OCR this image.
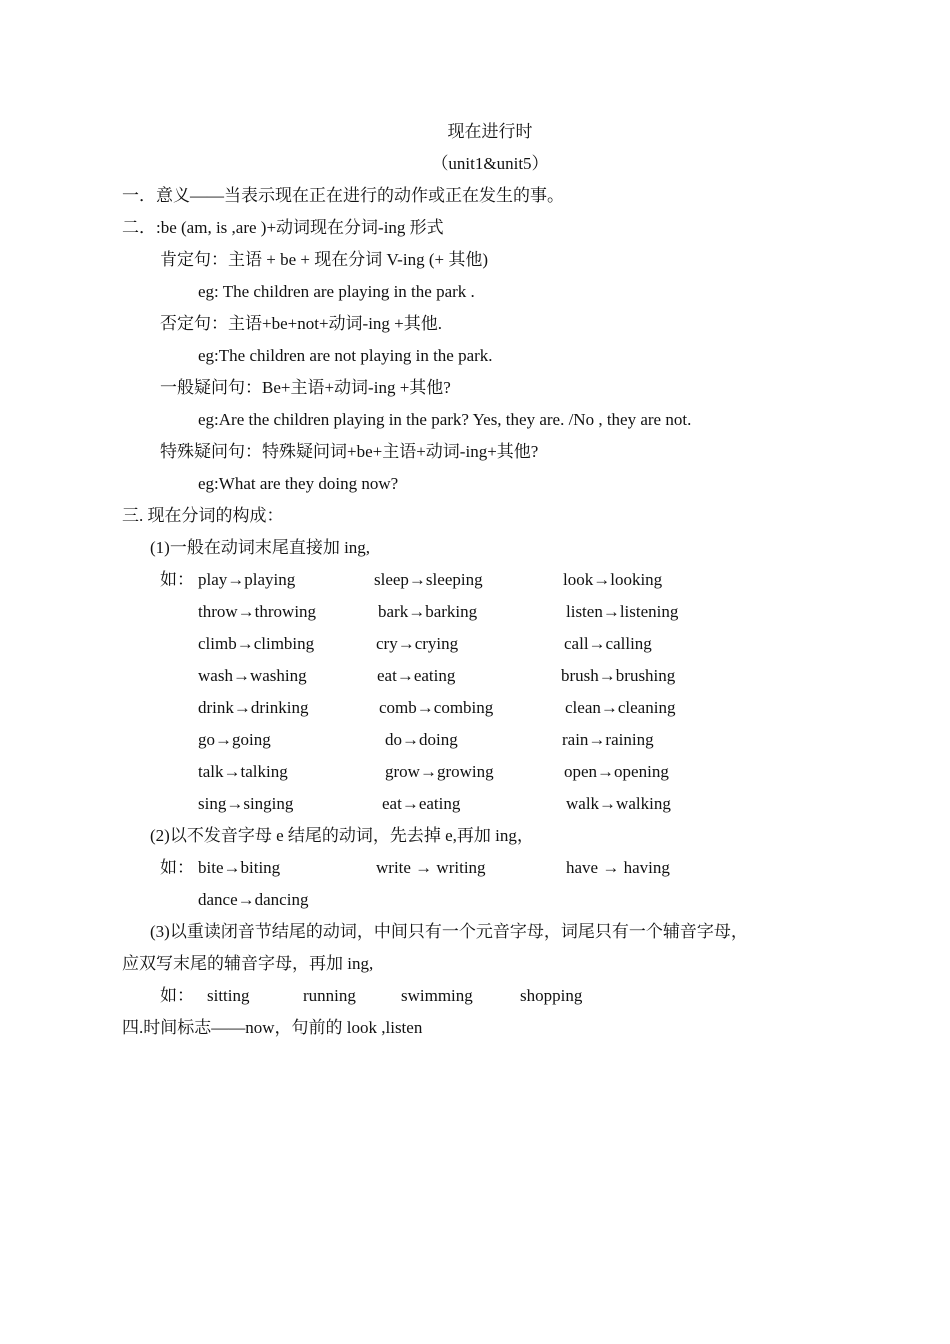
现在进行时
（unit1&unit5）
一．意义——当表示现在正在进行的动作或正在发生的事。
二．:be (am, is ,are )+动词现在分词-ing 形式
肯定句：主语 + be + 现在分词 V-ing (+ 其他)
eg: The children are playing in the park .
否定句：主语+be+not+动词-ing +其他.
eg:The children are not playing in the park.
一般疑问句：Be+主语+动词-ing +其他?
eg:Are the children playing in the park? Yes, they are. /No , they are not.
特殊疑问句：特殊疑问词+be+主语+动词-ing+其他?
eg:What are they doing now?
三. 现在分词的构成：
(1)一般在动词末尾直接加 ing,
如： play→playing	sleep→sleeping	look→looking
throw→throwing	bark→barking	listen→listening
climb→climbing	cry→crying	call→calling
wash→washing	eat→eating	brush→brushing
drink→drinking	comb→combing	clean→cleaning
go→going	do→doing	rain→raining
talk→talking	grow→growing	open→opening
sing→singing	eat→eating	walk→walking
(2)以不发音字母 e 结尾的动词，先去掉 e,再加 ing，
如： bite→biting	write → writing	have → having
dance→dancing
(3)以重读闭音节结尾的动词，中间只有一个元音字母，词尾只有一个辅音字母，
应双写末尾的辅音字母，再加 ing,
如： sitting	running	swimming	shopping
四.时间标志——now，句前的 look ,listen
